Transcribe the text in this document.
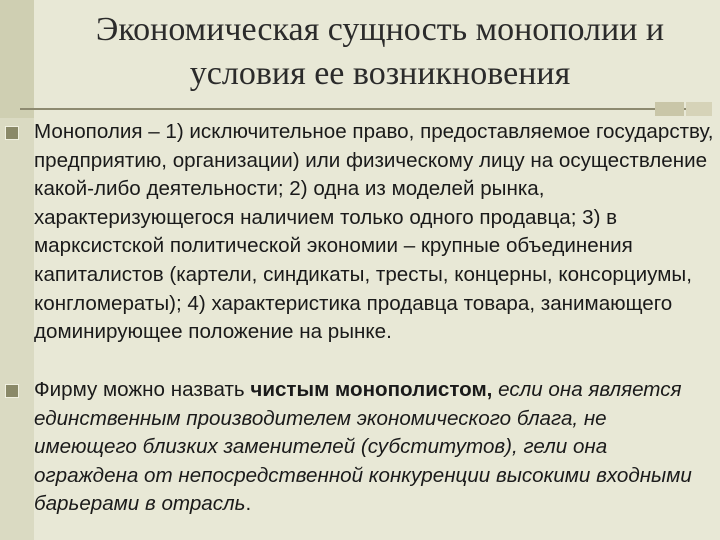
Экономическая сущность монополии и
условия ее возникновения
Монополия – 1) исключительное право, предоставляемое государству, предприятию, организации) или физическому лицу на осуществление какой-либо деятельности; 2) одна из моделей рынка, характеризующегося наличием только одного продавца; 3) в марксистской политической экономии – крупные объединения капиталистов (картели, синдикаты, тресты, концерны, консорциумы, конгломераты); 4) характеристика продавца товара, занимающего доминирующее положение на рынке.
Фирму можно назвать чистым монополистом, если она является единственным производителем экономического блага, не имеющего близких заменителей (субститутов), гели она ограждена от непосредственной конкуренции высокими входными барьерами в отрасль.
